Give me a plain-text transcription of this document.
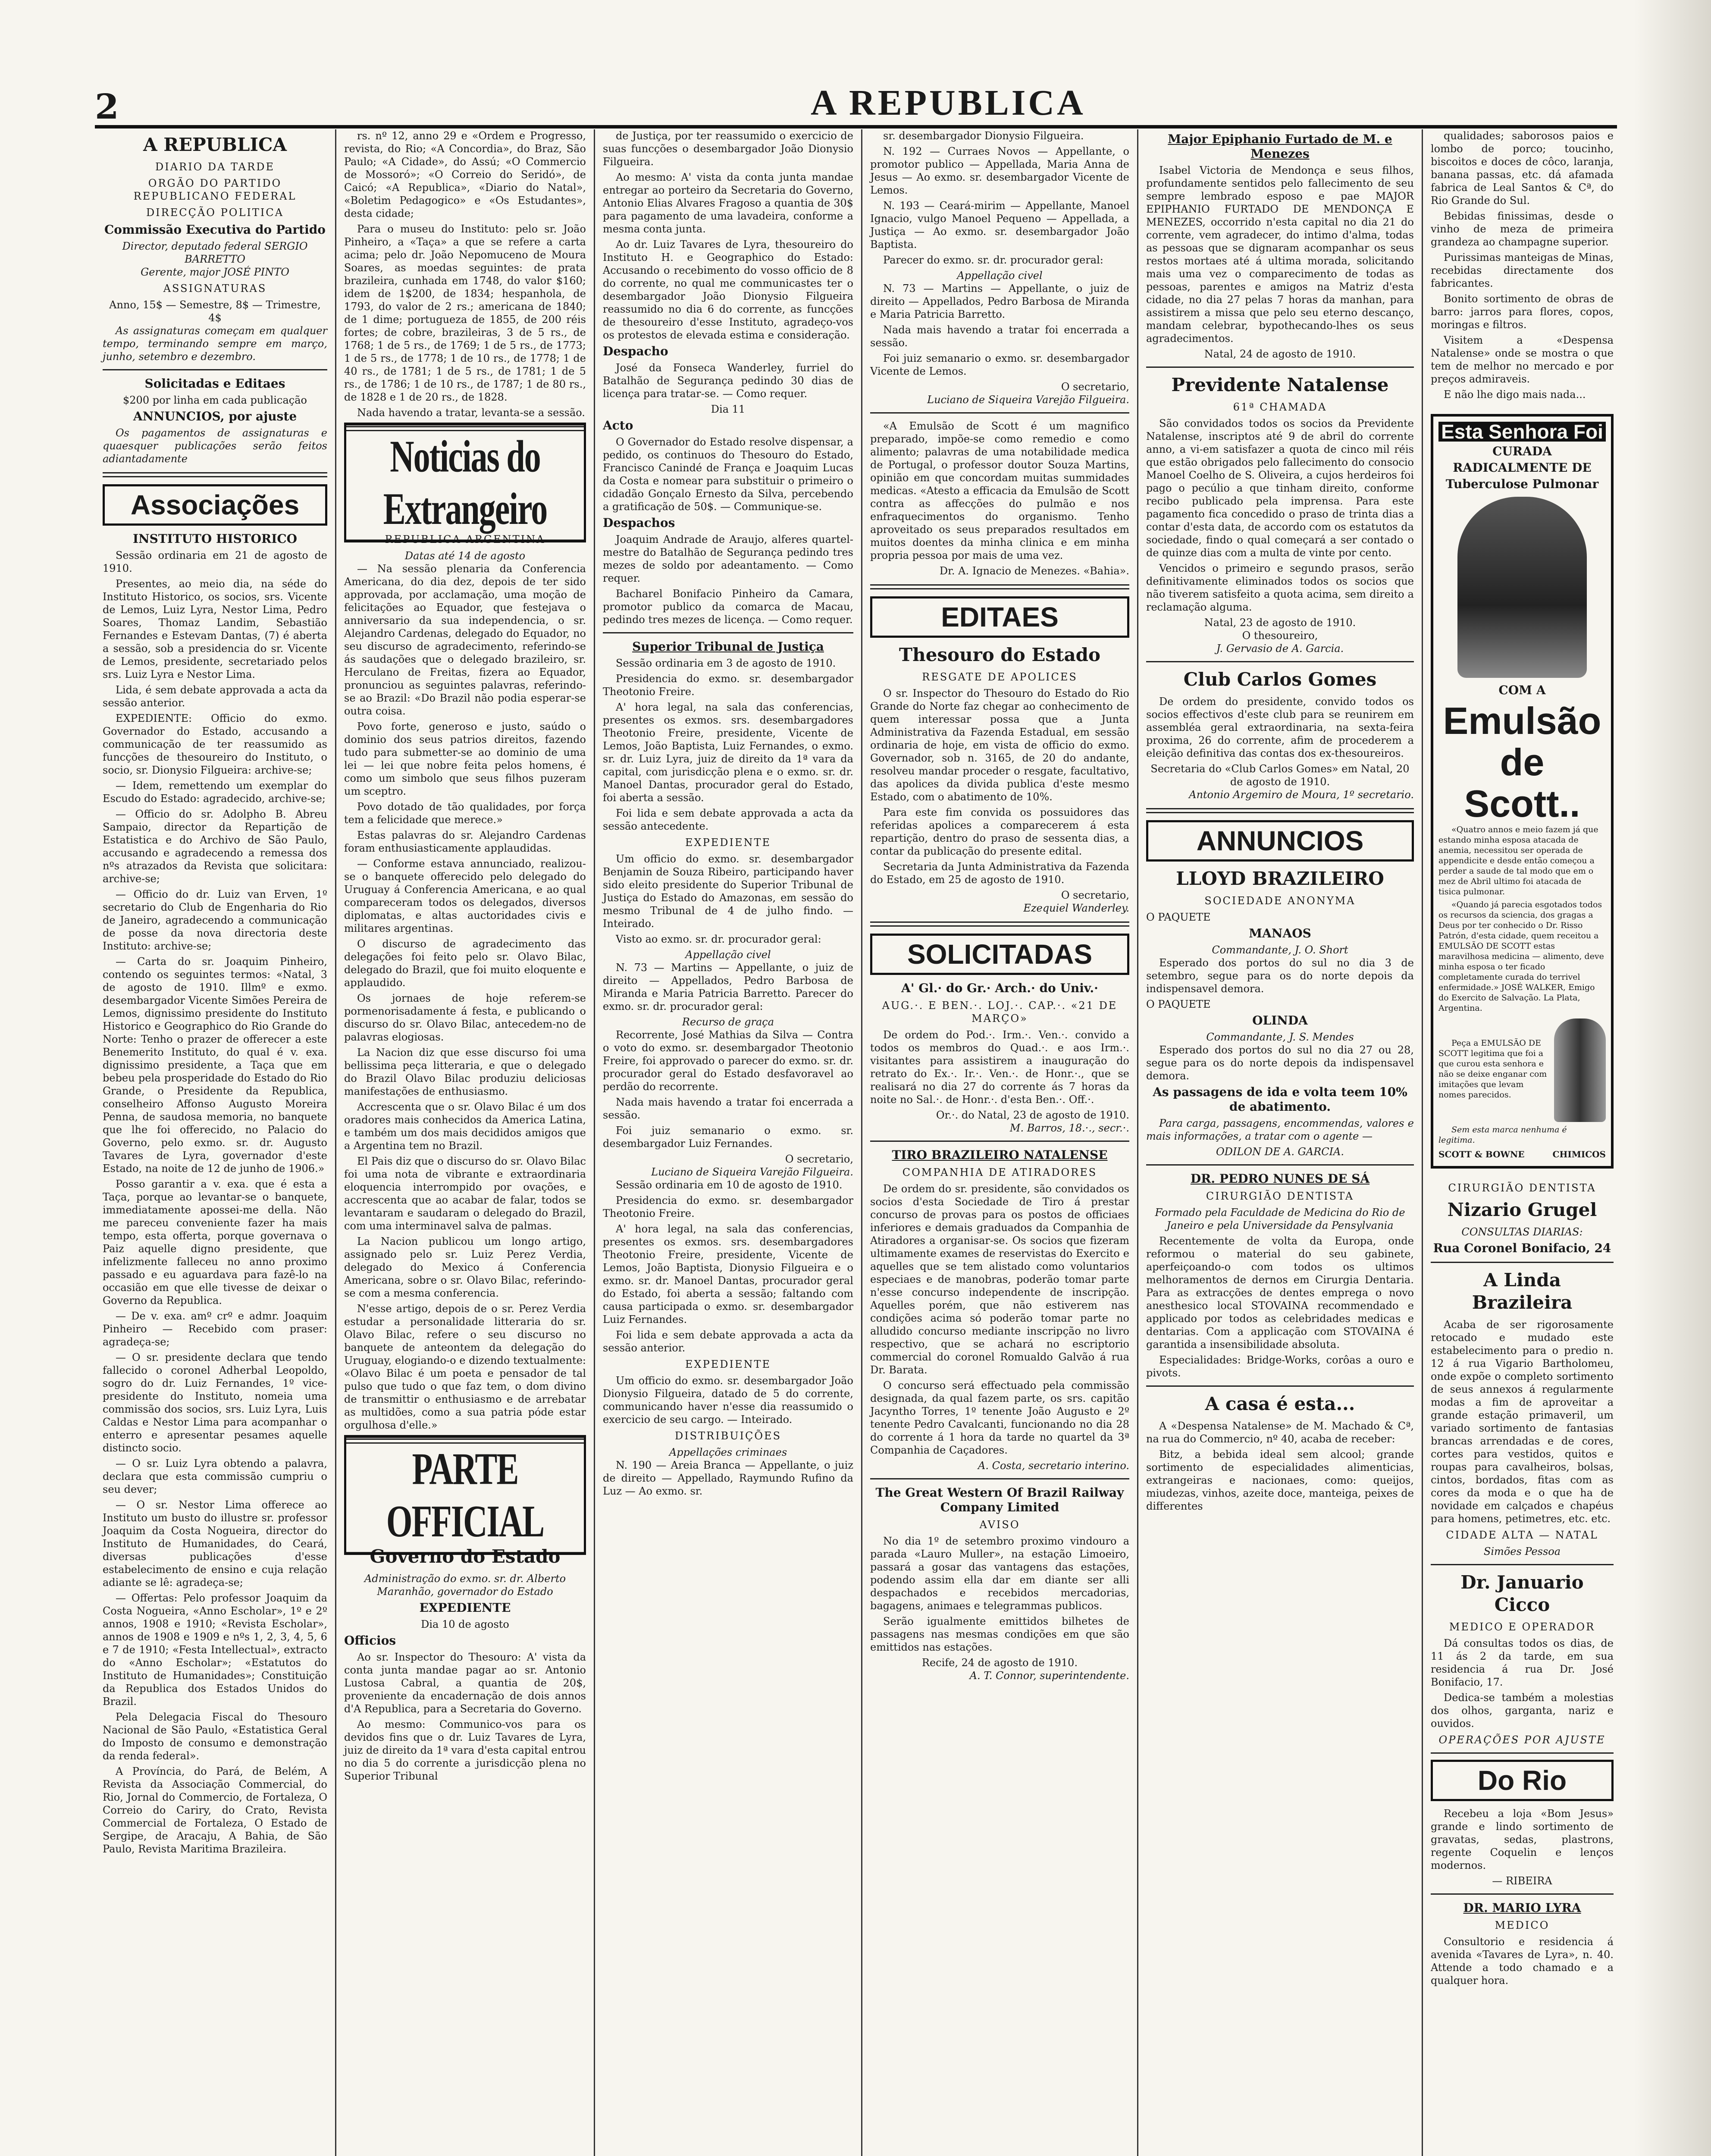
2	A REPUBLICA
A REPUBLICA
DIARIO DA TARDE
ORGÃO DO PARTIDO REPUBLICANO FEDERAL
DIRECÇÃO POLITICA
Commissão Executiva do Partido
Director, deputado federal SERGIO BARRETTO
Gerente, major JOSÉ PINTO
ASSIGNATURAS
Anno, 15$ — Semestre, 8$ — Trimestre, 4$

As assignaturas começam em qualquer tempo, terminando sempre em março, junho, setembro e dezembro.

Solicitadas e Editaes
$200 por linha em cada publicação
ANNUNCIOS, por ajuste

Os pagamentos de assignaturas e quaesquer publicações serão feitos adiantadamente

Associações
INSTITUTO HISTORICO

Sessão ordinaria em 21 de agosto de 1910.

Presentes, ao meio dia, na séde do Instituto Historico, os socios, srs. Vicente de Lemos, Luiz Lyra, Nestor Lima, Pedro Soares, Thomaz Landim, Sebastião Fernandes e Estevam Dantas, (7) é aberta a sessão, sob a presidencia do sr. Vicente de Lemos, presidente, secretariado pelos srs. Luiz Lyra e Nestor Lima.

Lida, é sem debate approvada a acta da sessão anterior.

EXPEDIENTE: Officio do exmo. Governador do Estado, accusando a communicação de ter reassumido as funcções de thesoureiro do Instituto, o socio, sr. Dionysio Filgueira: archive-se;

— Idem, remettendo um exemplar do Escudo do Estado: agradecido, archive-se;

— Officio do sr. Adolpho B. Abreu Sampaio, director da Repartição de Estatistica e do Archivo de São Paulo, accusando e agradecendo a remessa dos nºs atrazados da Revista que solicitara: archive-se;

— Officio do dr. Luiz van Erven, 1º secretario do Club de Engenharia do Rio de Janeiro, agradecendo a communicação de posse da nova directoria deste Instituto: archive-se;

— Carta do sr. Joaquim Pinheiro, contendo os seguintes termos: «Natal, 3 de agosto de 1910. Illmº e exmo. desembargador Vicente Simões Pereira de Lemos, dignissimo presidente do Instituto Historico e Geographico do Rio Grande do Norte: Tenho o prazer de offerecer a este Benemerito Instituto, do qual é v. exa. dignissimo presidente, a Taça que em bebeu pela prosperidade do Estado do Rio Grande, o Presidente da Republica, conselheiro Affonso Augusto Moreira Penna, de saudosa memoria, no banquete que lhe foi offerecido, no Palacio do Governo, pelo exmo. sr. dr. Augusto Tavares de Lyra, governador d'este Estado, na noite de 12 de junho de 1906.»

Posso garantir a v. exa. que é esta a Taça, porque ao levantar-se o banquete, immediatamente apossei-me della. Não me pareceu conveniente fazer ha mais tempo, esta offerta, porque governava o Paiz aquelle digno presidente, que infelizmente falleceu no anno proximo passado e eu aguardava para fazê-lo na occasião em que elle tivesse de deixar o Governo da Republica.

— De v. exa. amº crº e admr. Joaquim Pinheiro — Recebido com praser: agradeça-se;

— O sr. presidente declara que tendo fallecido o coronel Adherbal Leopoldo, sogro do dr. Luiz Fernandes, 1º vice-presidente do Instituto, nomeia uma commissão dos socios, srs. Luiz Lyra, Luis Caldas e Nestor Lima para acompanhar o enterro e apresentar pesames aquelle distincto socio.

— O sr. Luiz Lyra obtendo a palavra, declara que esta commissão cumpriu o seu dever;

— O sr. Nestor Lima offerece ao Instituto um busto do illustre sr. professor Joaquim da Costa Nogueira, director do Instituto de Humanidades, do Ceará, diversas publicações d'esse estabelecimento de ensino e cuja relação adiante se lê: agradeça-se;

— Offertas: Pelo professor Joaquim da Costa Nogueira, «Anno Escholar», 1º e 2º annos, 1908 e 1910; «Revista Escholar», annos de 1908 e 1909 e nºs 1, 2, 3, 4, 5, 6 e 7 de 1910; «Festa Intellectual», extracto do «Anno Escholar»; «Estatutos do Instituto de Humanidades»; Constituição da Republica dos Estados Unidos do Brazil.

Pela Delegacia Fiscal do Thesouro Nacional de São Paulo, «Estatistica Geral do Imposto de consumo e demonstração da renda federal».

A Província, do Pará, de Belém, A Revista da Associação Commercial, do Rio, Jornal do Commercio, de Fortaleza, O Correio do Cariry, do Crato, Revista Commercial de Fortaleza, O Estado de Sergipe, de Aracaju, A Bahia, de São Paulo, Revista Maritima Brazileira.

rs. nº 12, anno 29 e «Ordem e Progresso, revista, do Rio; «A Concordia», do Braz, São Paulo; «A Cidade», do Assú; «O Commercio de Mossoró»; «O Correio do Seridó», de Caicó; «A Republica», «Diario do Natal», «Boletim Pedagogico» e «Os Estudantes», desta cidade;

Para o museu do Instituto: pelo sr. João Pinheiro, a «Taça» a que se refere a carta acima; pelo dr. João Nepomuceno de Moura Soares, as moedas seguintes: de prata brazileira, cunhada em 1748, do valor $160; idem de 1$200, de 1834; hespanhola, de 1793, do valor de 2 rs.; americana de 1840; de 1 dime; portugueza de 1855, de 200 réis fortes; de cobre, brazileiras, 3 de 5 rs., de 1768; 1 de 5 rs., de 1769; 1 de 5 rs., de 1773; 1 de 5 rs., de 1778; 1 de 10 rs., de 1778; 1 de 40 rs., de 1781; 1 de 5 rs., de 1781; 1 de 5 rs., de 1786; 1 de 10 rs., de 1787; 1 de 80 rs., de 1828 e 1 de 20 rs., de 1828.

Nada havendo a tratar, levanta-se a sessão.

Noticias do Extrangeiro
REPUBLICA ARGENTINA
Datas até 14 de agosto

— Na sessão plenaria da Conferencia Americana, do dia dez, depois de ter sido approvada, por acclamação, uma moção de felicitações ao Equador, que festejava o anniversario da sua independencia, o sr. Alejandro Cardenas, delegado do Equador, no seu discurso de agradecimento, referindo-se ás saudações que o delegado brazileiro, sr. Herculano de Freitas, fizera ao Equador, pronunciou as seguintes palavras, referindo-se ao Brazil: «Do Brazil não podia esperar-se outra coisa.

Povo forte, generoso e justo, saúdo o dominio dos seus patrios direitos, fazendo tudo para submetter-se ao dominio de uma lei — lei que nobre feita pelos homens, é como um simbolo que seus filhos puzeram um sceptro.

Povo dotado de tão qualidades, por força tem a felicidade que merece.»

Estas palavras do sr. Alejandro Cardenas foram enthusiasticamente applaudidas.

— Conforme estava annunciado, realizou-se o banquete offerecido pelo delegado do Uruguay á Conferencia Americana, e ao qual compareceram todos os delegados, diversos diplomatas, e altas auctoridades civis e militares argentinas.

O discurso de agradecimento das delegações foi feito pelo sr. Olavo Bilac, delegado do Brazil, que foi muito eloquente e applaudido.

Os jornaes de hoje referem-se pormenorisadamente á festa, e publicando o discurso do sr. Olavo Bilac, antecedem-no de palavras elogiosas.

La Nacion diz que esse discurso foi uma bellissima peça litteraria, e que o delegado do Brazil Olavo Bilac produziu deliciosas manifestações de enthusiasmo.

Accrescenta que o sr. Olavo Bilac é um dos oradores mais conhecidos da America Latina, e também um dos mais decididos amigos que a Argentina tem no Brazil.

El Pais diz que o discurso do sr. Olavo Bilac foi uma nota de vibrante e extraordinaria eloquencia interrompido por ovações, e accrescenta que ao acabar de falar, todos se levantaram e saudaram o delegado do Brazil, com uma interminavel salva de palmas.

La Nacion publicou um longo artigo, assignado pelo sr. Luiz Perez Verdia, delegado do Mexico á Conferencia Americana, sobre o sr. Olavo Bilac, referindo-se com a mesma conferencia.

N'esse artigo, depois de o sr. Perez Verdia estudar a personalidade litteraria do sr. Olavo Bilac, refere o seu discurso no banquete de anteontem da delegação do Uruguay, elogiando-o e dizendo textualmente: «Olavo Bilac é um poeta e pensador de tal pulso que tudo o que faz tem, o dom divino de transmittir o enthusiasmo e de arrebatar as multidões, como a sua patria póde estar orgulhosa d'elle.»

PARTE OFFICIAL
Governo do Estado
Administração do exmo. sr. dr. Alberto Maranhão, governador do Estado
EXPEDIENTE
Dia 10 de agosto
Officios

Ao sr. Inspector do Thesouro: A' vista da conta junta mandae pagar ao sr. Antonio Lustosa Cabral, a quantia de 20$, proveniente da encadernação de dois annos d'A Republica, para a Secretaria do Governo.

Ao mesmo: Communico-vos para os devidos fins que o dr. Luiz Tavares de Lyra, juiz de direito da 1ª vara d'esta capital entrou no dia 5 do corrente a jurisdicção plena no Superior Tribunal

de Justiça, por ter reassumido o exercicio de suas funcções o desembargador João Dionysio Filgueira.

Ao mesmo: A' vista da conta junta mandae entregar ao porteiro da Secretaria do Governo, Antonio Elias Alvares Fragoso a quantia de 30$ para pagamento de uma lavadeira, conforme a mesma conta junta.

Ao dr. Luiz Tavares de Lyra, thesoureiro do Instituto H. e Geographico do Estado: Accusando o recebimento do vosso officio de 8 do corrente, no qual me communicastes ter o desembargador João Dionysio Filgueira reassumido no dia 6 do corrente, as funcções de thesoureiro d'esse Instituto, agradeço-vos os protestos de elevada estima e consideração.

Despacho

José da Fonseca Wanderley, furriel do Batalhão de Segurança pedindo 30 dias de licença para tratar-se. — Como requer.

Dia 11
Acto

O Governador do Estado resolve dispensar, a pedido, os continuos do Thesouro do Estado, Francisco Canindé de França e Joaquim Lucas da Costa e nomear para substituir o primeiro o cidadão Gonçalo Ernesto da Silva, percebendo a gratificação de 50$. — Communique-se.

Despachos

Joaquim Andrade de Araujo, alferes quartel-mestre do Batalhão de Segurança pedindo tres mezes de soldo por adeantamento. — Como requer.

Bacharel Bonifacio Pinheiro da Camara, promotor publico da comarca de Macau, pedindo tres mezes de licença. — Como requer.

Superior Tribunal de Justiça

Sessão ordinaria em 3 de agosto de 1910.

Presidencia do exmo. sr. desembargador Theotonio Freire.

A' hora legal, na sala das conferencias, presentes os exmos. srs. desembargadores Theotonio Freire, presidente, Vicente de Lemos, João Baptista, Luiz Fernandes, o exmo. sr. dr. Luiz Lyra, juiz de direito da 1ª vara da capital, com jurisdicção plena e o exmo. sr. dr. Manoel Dantas, procurador geral do Estado, foi aberta a sessão.

Foi lida e sem debate approvada a acta da sessão antecedente.

EXPEDIENTE

Um officio do exmo. sr. desembargador Benjamin de Souza Ribeiro, participando haver sido eleito presidente do Superior Tribunal de Justiça do Estado do Amazonas, em sessão do mesmo Tribunal de 4 de julho findo. — Inteirado.

Visto ao exmo. sr. dr. procurador geral:

Appellação civel

N. 73 — Martins — Appellante, o juiz de direito — Appellados, Pedro Barbosa de Miranda e Maria Patricia Barretto. Parecer do exmo. sr. dr. procurador geral:

Recurso de graça

Recorrente, José Mathias da Silva — Contra o voto do exmo. sr. desembargador Theotonio Freire, foi approvado o parecer do exmo. sr. dr. procurador geral do Estado desfavoravel ao perdão do recorrente.

Nada mais havendo a tratar foi encerrada a sessão.

Foi juiz semanario o exmo. sr. desembargador Luiz Fernandes.

O secretario,
Luciano de Siqueira Varejão Filgueira.

Sessão ordinaria em 10 de agosto de 1910.

Presidencia do exmo. sr. desembargador Theotonio Freire.

A' hora legal, na sala das conferencias, presentes os exmos. srs. desembargadores Theotonio Freire, presidente, Vicente de Lemos, João Baptista, Dionysio Filgueira e o exmo. sr. dr. Manoel Dantas, procurador geral do Estado, foi aberta a sessão; faltando com causa participada o exmo. sr. desembargador Luiz Fernandes.

Foi lida e sem debate approvada a acta da sessão anterior.

EXPEDIENTE

Um officio do exmo. sr. desembargador João Dionysio Filgueira, datado de 5 do corrente, communicando haver n'esse dia reassumido o exercicio de seu cargo. — Inteirado.

DISTRIBUIÇÕES
Appellações criminaes

N. 190 — Areia Branca — Appellante, o juiz de direito — Appellado, Raymundo Rufino da Luz — Ao exmo. sr.

sr. desembargador Dionysio Filgueira.

N. 192 — Curraes Novos — Appellante, o promotor publico — Appellada, Maria Anna de Jesus — Ao exmo. sr. desembargador Vicente de Lemos.

N. 193 — Ceará-mirim — Appellante, Manoel Ignacio, vulgo Manoel Pequeno — Appellada, a Justiça — Ao exmo. sr. desembargador João Baptista.

Parecer do exmo. sr. dr. procurador geral:

Appellação civel

N. 73 — Martins — Appellante, o juiz de direito — Appellados, Pedro Barbosa de Miranda e Maria Patricia Barretto.

Nada mais havendo a tratar foi encerrada a sessão.

Foi juiz semanario o exmo. sr. desembargador Vicente de Lemos.

O secretario,
Luciano de Siqueira Varejão Filgueira.

«A Emulsão de Scott é um magnifico preparado, impõe-se como remedio e como alimento; palavras de uma notabilidade medica de Portugal, o professor doutor Souza Martins, opinião em que concordam muitas summidades medicas. «Atesto a efficacia da Emulsão de Scott contra as affecções do pulmão e nos enfraquecimentos do organismo. Tenho aproveitado os seus preparados resultados em muitos doentes da minha clinica e em minha propria pessoa por mais de uma vez.

Dr. A. Ignacio de Menezes. «Bahia».
EDITAES
Thesouro do Estado
RESGATE DE APOLICES

O sr. Inspector do Thesouro do Estado do Rio Grande do Norte faz chegar ao conhecimento de quem interessar possa que a Junta Administrativa da Fazenda Estadual, em sessão ordinaria de hoje, em vista de officio do exmo. Governador, sob n. 3165, de 20 do andante, resolveu mandar proceder o resgate, facultativo, das apolices da divida publica d'este mesmo Estado, com o abatimento de 10%.

Para este fim convida os possuidores das referidas apolices a comparecerem á esta repartição, dentro do praso de sessenta dias, a contar da publicação do presente edital.

Secretaria da Junta Administrativa da Fazenda do Estado, em 25 de agosto de 1910.

O secretario,
Ezequiel Wanderley.
SOLICITADAS
A' Gl.· do Gr.· Arch.· do Univ.·
AUG.·. E BEN.·. LOJ.·. CAP.·. «21 DE MARÇO»

De ordem do Pod.·. Irm.·. Ven.·. convido a todos os membros do Quad.·. e aos Irm.·. visitantes para assistirem a inauguração do retrato do Ex.·. Ir.·. Ven.·. de Honr.·., que se realisará no dia 27 do corrente ás 7 horas da noite no Sal.·. de Honr.·. d'esta Ben.·. Off.·.

Or.·. do Natal, 23 de agosto de 1910.
M. Barros, 18.·., secr.·.
TIRO BRAZILEIRO NATALENSE
COMPANHIA DE ATIRADORES

De ordem do sr. presidente, são convidados os socios d'esta Sociedade de Tiro á prestar concurso de provas para os postos de officiaes inferiores e demais graduados da Companhia de Atiradores a organisar-se. Os socios que fizeram ultimamente exames de reservistas do Exercito e aquelles que se tem alistado como voluntarios especiaes e de manobras, poderão tomar parte n'esse concurso independente de inscripção. Aquelles porém, que não estiverem nas condições acima só poderão tomar parte no alludido concurso mediante inscripção no livro respectivo, que se achará no escriptorio commercial do coronel Romualdo Galvão á rua Dr. Barata.

O concurso será effectuado pela commissão designada, da qual fazem parte, os srs. capitão Jacyntho Torres, 1º tenente João Augusto e 2º tenente Pedro Cavalcanti, funcionando no dia 28 do corrente á 1 hora da tarde no quartel da 3ª Companhia de Caçadores.

A. Costa, secretario interino.
The Great Western Of Brazil Railway Company Limited
AVISO

No dia 1º de setembro proximo vindouro a parada «Lauro Muller», na estação Limoeiro, passará a gosar das vantagens das estações, podendo assim ella dar em diante ser alli despachados e recebidos mercadorias, bagagens, animaes e telegrammas publicos.

Serão igualmente emittidos bilhetes de passagens nas mesmas condições em que são emittidos nas estações.

Recife, 24 de agosto de 1910.
A. T. Connor, superintendente.
Major Epiphanio Furtado de M. e Menezes

Isabel Victoria de Mendonça e seus filhos, profundamente sentidos pelo fallecimento de seu sempre lembrado esposo e pae MAJOR EPIPHANIO FURTADO DE MENDONÇA E MENEZES, occorrido n'esta capital no dia 21 do corrente, vem agradecer, do intimo d'alma, todas as pessoas que se dignaram acompanhar os seus restos mortaes até á ultima morada, solicitando mais uma vez o comparecimento de todas as pessoas, parentes e amigos na Matriz d'esta cidade, no dia 27 pelas 7 horas da manhan, para assistirem a missa que pelo seu eterno descanço, mandam celebrar, bypothecando-lhes os seus agradecimentos.

Natal, 24 de agosto de 1910.
Previdente Natalense
61ª CHAMADA

São convidados todos os socios da Previdente Natalense, inscriptos até 9 de abril do corrente anno, a vi-em satisfazer a quota de cinco mil réis que estão obrigados pelo fallecimento do consocio Manoel Coelho de S. Oliveira, a cujos herdeiros foi pago o pecúlio a que tinham direito, conforme recibo publicado pela imprensa. Para este pagamento fica concedido o praso de trinta dias a contar d'esta data, de accordo com os estatutos da sociedade, findo o qual começará a ser contado o de quinze dias com a multa de vinte por cento.

Vencidos o primeiro e segundo prasos, serão definitivamente eliminados todos os socios que não tiverem satisfeito a quota acima, sem direito a reclamação alguma.

Natal, 23 de agosto de 1910.
O thesoureiro,
J. Gervasio de A. Garcia.
Club Carlos Gomes

De ordem do presidente, convido todos os socios effectivos d'este club para se reunirem em assembléa geral extraordinaria, na sexta-feira proxima, 26 do corrente, afim de procederem a eleição definitiva das contas dos ex-thesoureiros.

Secretaria do «Club Carlos Gomes» em Natal, 20 de agosto de 1910.
Antonio Argemiro de Moura, 1º secretario.
ANNUNCIOS
LLOYD BRAZILEIRO
SOCIEDADE ANONYMA
O PAQUETE
MANAOS
Commandante, J. O. Short

Esperado dos portos do sul no dia 3 de setembro, segue para os do norte depois da indispensavel demora.

O PAQUETE
OLINDA
Commandante, J. S. Mendes

Esperado dos portos do sul no dia 27 ou 28, segue para os do norte depois da indispensavel demora.

As passagens de ida e volta teem 10% de abatimento.

Para carga, passagens, encommendas, valores e mais informações, a tratar com o agente —

ODILON DE A. GARCIA.
DR. PEDRO NUNES DE SÁ
CIRURGIÃO DENTISTA

Formado pela Faculdade de Medicina do Rio de Janeiro e pela Universidade da Pensylvania

Recentemente de volta da Europa, onde reformou o material do seu gabinete, aperfeiçoando-o com todos os ultimos melhoramentos de dernos em Cirurgia Dentaria. Para as extracções de dentes emprega o novo anesthesico local STOVAINA recommendado e applicado por todos as celebridades medicas e dentarias. Com a applicação com STOVAINA é garantida a insensibilidade absoluta.

Especialidades: Bridge-Works, corôas a ouro e pivots.

A casa é esta...

A «Despensa Natalense» de M. Machado & Cª, na rua do Commercio, nº 40, acaba de receber:

Bitz, a bebida ideal sem alcool; grande sortimento de especialidades alimenticias, extrangeiras e nacionaes, como: queijos, miudezas, vinhos, azeite doce, manteiga, peixes de differentes

qualidades; saborosos paios e lombo de porco; toucinho, biscoitos e doces de côco, laranja, banana passas, etc. dá afamada fabrica de Leal Santos & Cª, do Rio Grande do Sul.

Bebidas finissimas, desde o vinho de meza de primeira grandeza ao champagne superior.

Purissimas manteigas de Minas, recebidas directamente dos fabricantes.

Bonito sortimento de obras de barro: jarros para flores, copos, moringas e filtros.

Visitem a «Despensa Natalense» onde se mostra o que tem de melhor no mercado e por preços admiraveis.

E não lhe digo mais nada...

Esta Senhora Foi
CURADA
RADICALMENTE DE
Tuberculose Pulmonar
COM A
Emulsão
de Scott..

«Quatro annos e meio fazem já que estando minha esposa atacada de anemia, necessitou ser operada de appendicite e desde então começou a perder a saude de tal modo que em o mez de Abril ultimo foi atacada de tisica pulmonar.

«Quando já parecia esgotados todos os recursos da sciencia, dos gragas a Deus por ter conhecido o Dr. Risso Patrón, d'esta cidade, quem receitou a EMULSÃO DE SCOTT estas maravilhosa medicina — alimento, deve minha esposa o ter ficado completamente curada do terrivel enfermidade.» JOSÉ WALKER, Emigo do Exercito de Salvação. La Plata, Argentina.

Peça a EMULSÃO DE SCOTT legitima que foi a que curou esta senhora e não se deixe enganar com imitações que levam nomes parecidos.

Sem esta marca nenhuma é legitima.

SCOTT & BOWNE	CHIMICOS
CIRURGIÃO DENTISTA
Nizario Grugel
CONSULTAS DIARIAS:
Rua Coronel Bonifacio, 24
A Linda Brazileira

Acaba de ser rigorosamente retocado e mudado este estabelecimento para o predio n. 12 á rua Vigario Bartholomeu, onde expõe o completo sortimento de seus annexos á regularmente modas a fim de aproveitar a grande estação primaveril, um variado sortimento de fantasias brancas arrendadas e de cores, cortes para vestidos, quitos e roupas para cavalheiros, bolsas, cintos, bordados, fitas com as cores da moda e o que ha de novidade em calçados e chapéus para homens, petimetres, etc. etc.

CIDADE ALTA — NATAL
Simões Pessoa
Dr. Januario Cicco
MEDICO E OPERADOR

Dá consultas todos os dias, de 11 ás 2 da tarde, em sua residencia á rua Dr. José Bonifacio, 17.

Dedica-se também a molestias dos olhos, garganta, nariz e ouvidos.

OPERAÇÕES POR AJUSTE
Do Rio

Recebeu a loja «Bom Jesus» grande e lindo sortimento de gravatas, sedas, plastrons, regente Coquelin e lenços modernos.

— RIBEIRA
DR. MARIO LYRA
MEDICO

Consultorio e residencia á avenida «Tavares de Lyra», n. 40. Attende a todo chamado e a qualquer hora.
